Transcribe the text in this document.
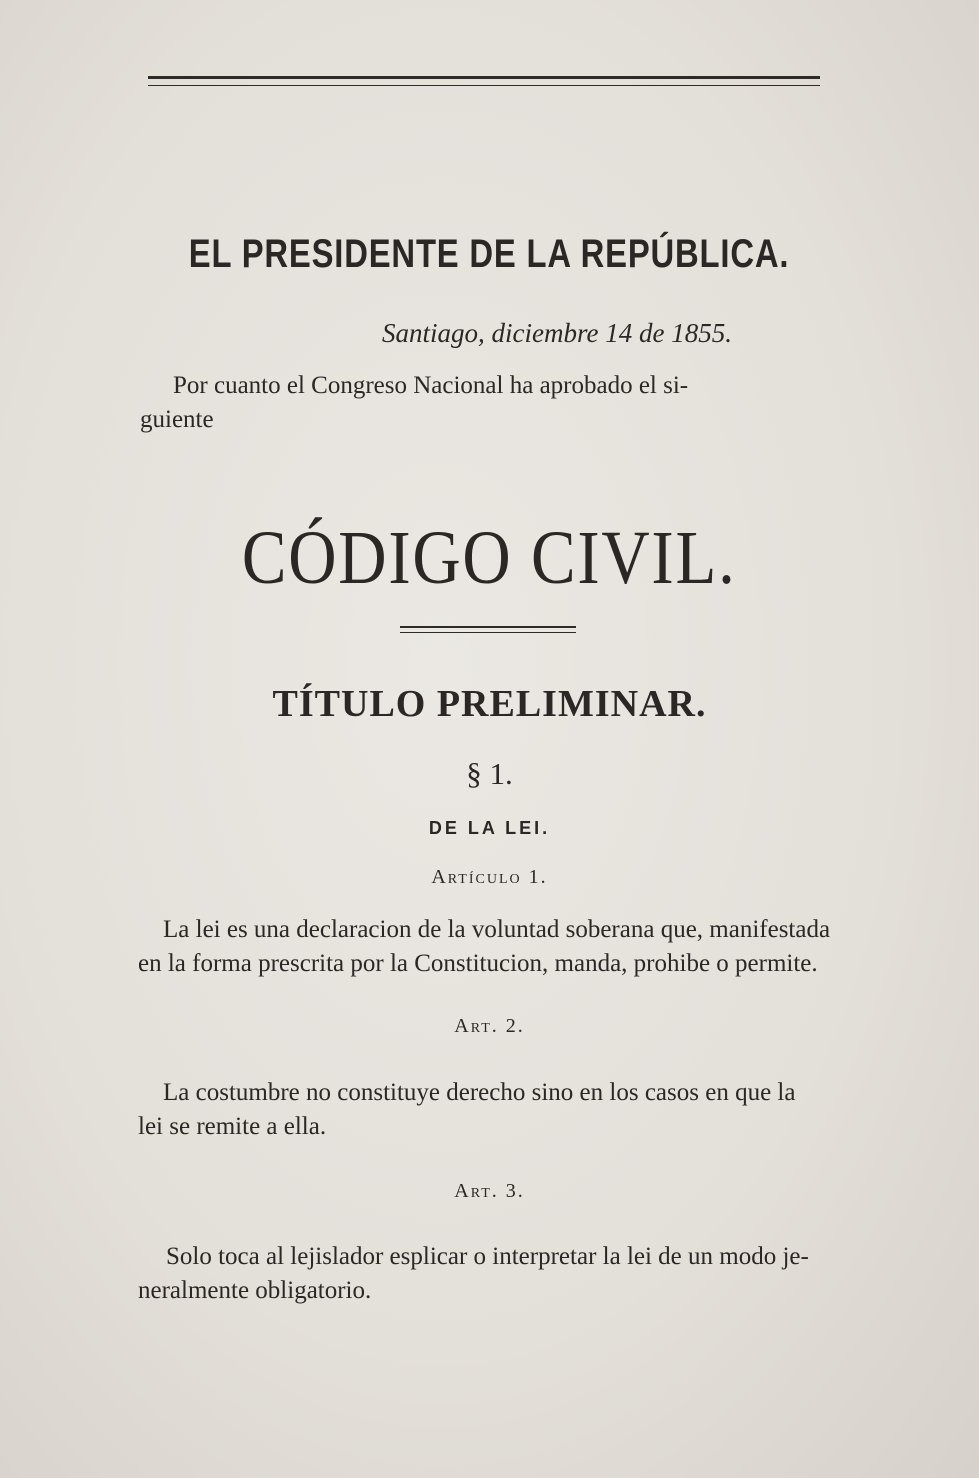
EL PRESIDENTE DE LA REPÚBLICA.
Santiago, diciembre 14 de 1855.
Por cuanto el Congreso Nacional ha aprobado el si-
guiente
CÓDIGO CIVIL.
TÍTULO PRELIMINAR.
§ 1.
DE LA LEI.
Artículo 1.
La lei es una declaracion de la voluntad soberana que, manifestada
en la forma prescrita por la Constitucion, manda, prohibe o permite.
Art. 2.
La costumbre no constituye derecho sino en los casos en que la
lei se remite a ella.
Art. 3.
Solo toca al lejislador esplicar o interpretar la lei de un modo je-
neralmente obligatorio.
